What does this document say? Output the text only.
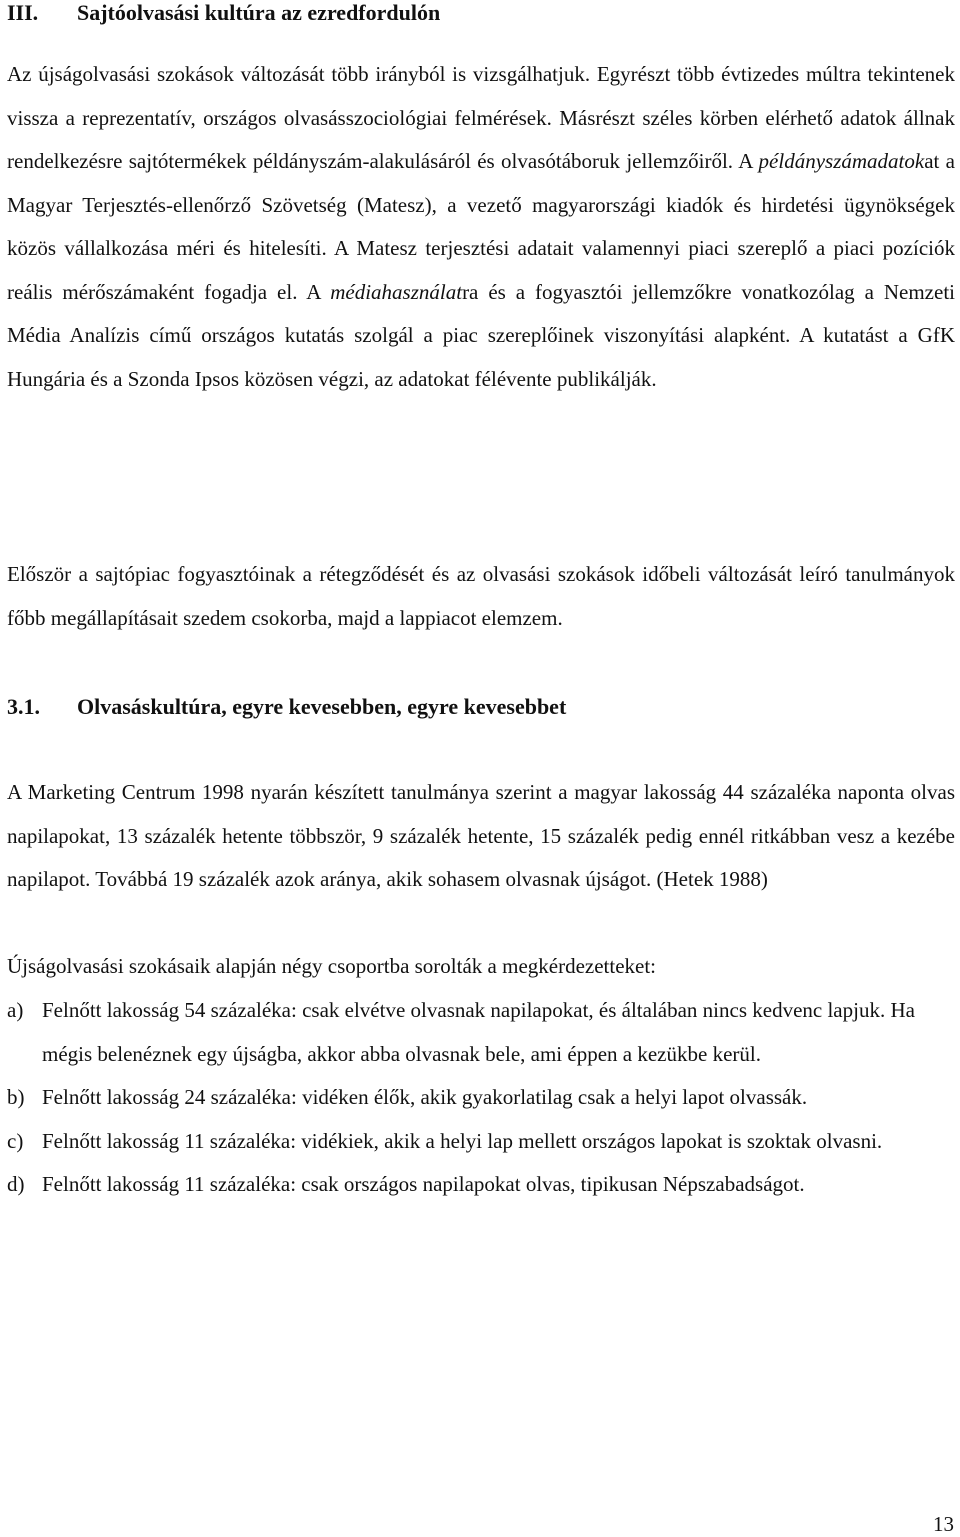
III. Sajtóolvasási kultúra az ezredfordulón

Az újságolvasási szokások változását több irányból is vizsgálhatjuk. Egyrészt több évtizedes múltra tekintenek vissza a reprezentatív, országos olvasásszociológiai felmérések. Másrészt széles körben elérhető adatok állnak rendelkezésre sajtótermékek példányszám-alakulásáról és olvasótáboruk jellemzőiről. A példányszámadatokat a Magyar Terjesztés-ellenőrző Szövetség (Matesz), a vezető magyarországi kiadók és hirdetési ügynökségek közös vállalkozása méri és hitelesíti. A Matesz terjesztési adatait valamennyi piaci szereplő a piaci pozíciók reális mérőszámaként fogadja el. A médiahasználatra és a fogyasztói jellemzőkre vonatkozólag a Nemzeti Média Analízis című országos kutatás szolgál a piac szereplőinek viszonyítási alapként. A kutatást a GfK Hungária és a Szonda Ipsos közösen végzi, az adatokat félévente publikálják.

Először a sajtópiac fogyasztóinak a rétegződését és az olvasási szokások időbeli változását leíró tanulmányok főbb megállapításait szedem csokorba, majd a lappiacot elemzem.

3.1. Olvasáskultúra, egyre kevesebben, egyre kevesebbet

A Marketing Centrum 1998 nyarán készített tanulmánya szerint a magyar lakosság 44 százaléka naponta olvas napilapokat, 13 százalék hetente többször, 9 százalék hetente, 15 százalék pedig ennél ritkábban vesz a kezébe napilapot. Továbbá 19 százalék azok aránya, akik sohasem olvasnak újságot. (Hetek 1988)

Újságolvasási szokásaik alapján négy csoportba sorolták a megkérdezetteket:

a) Felnőtt lakosság 54 százaléka: csak elvétve olvasnak napilapokat, és általában nincs kedvenc lapjuk. Ha mégis belenéznek egy újságba, akkor abba olvasnak bele, ami éppen a kezükbe kerül.
b) Felnőtt lakosság 24 százaléka: vidéken élők, akik gyakorlatilag csak a helyi lapot olvassák.
c) Felnőtt lakosság 11 százaléka: vidékiek, akik a helyi lap mellett országos lapokat is szoktak olvasni.
d) Felnőtt lakosság 11 százaléka: csak országos napilapokat olvas, tipikusan Népszabadságot.
13
